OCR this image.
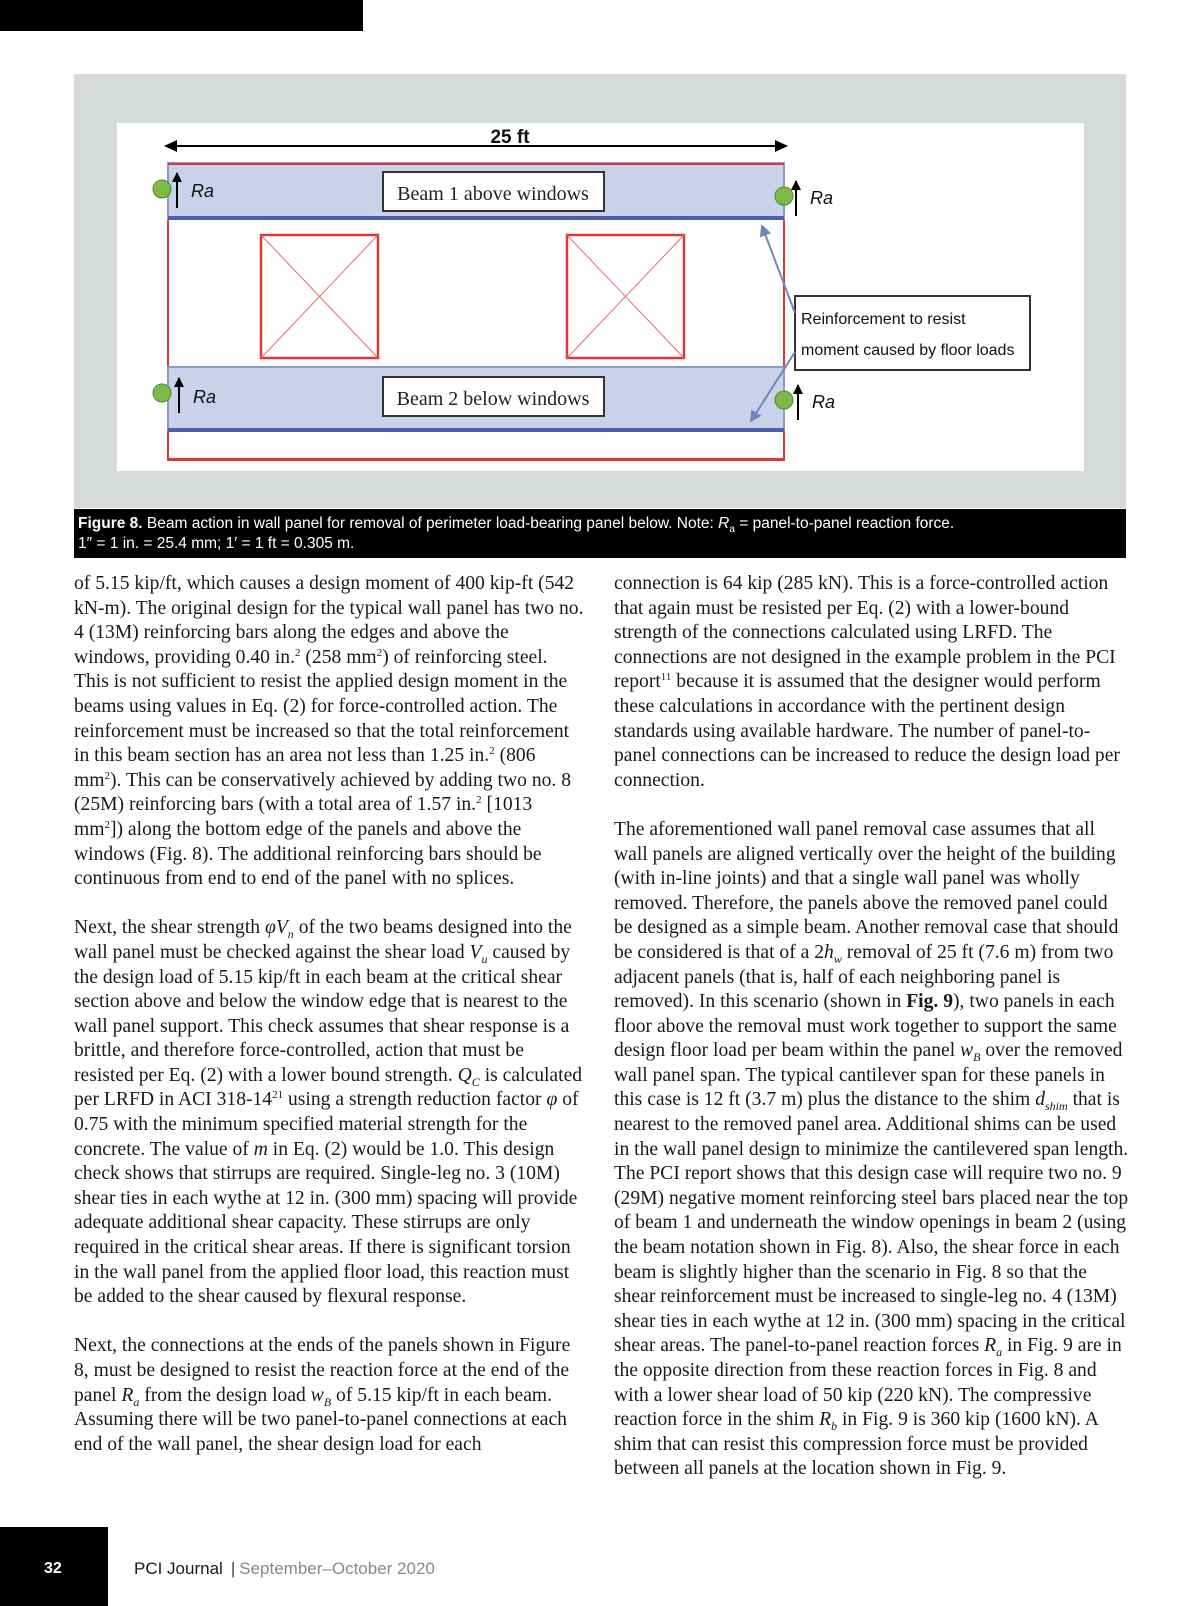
25 ft
Beam 1 above windows
Beam 2 below windows
Ra	Ra
Ra	Ra
Reinforcement to resist
moment caused by floor loads
Figure 8. Beam action in wall panel for removal of perimeter load-bearing panel below. Note: $R_a$ = panel-to-panel reaction force.
1″ = 1 in. = 25.4 mm; 1′ = 1 ft = 0.305 m.

of 5.15 kip/ft, which causes a design moment of 400 kip-ft (542 kN-m). The original design for the typical wall panel has two no. 4 (13M) reinforcing bars along the edges and above the windows, providing 0.40 in.$^2$ (258 $mm^2$) of reinforcing steel. This is not sufficient to resist the applied design moment in the beams using values in Eq. (2) for force-controlled action. The reinforcement must be increased so that the total reinforcement in this beam section has an area not less than 1.25 in.$^2$ (806 $mm^2$). This can be conservatively achieved by adding two no. 8 (25M) reinforcing bars (with a total area of 1.57 in.$^2$ [1013 $mm^2$]) along the bottom edge of the panels and above the windows (Fig. 8). The additional reinforcing bars should be continuous from end to end of the panel with no splices.

Next, the shear strength $\varphi V_n$ of the two beams designed into the wall panel must be checked against the shear load $V_u$ caused by the design load of 5.15 kip/ft in each beam at the critical shear section above and below the window edge that is nearest to the wall panel support. This check assumes that shear response is a brittle, and therefore force-controlled, action that must be resisted per Eq. (2) with a lower bound strength. $Q_C$ is calculated per LRFD in ACI $318-14^{21}$ using a strength reduction factor φ of 0.75 with the minimum specified material strength for the concrete. The value of m in Eq. (2) would be 1.0. This design check shows that stirrups are required. Single-leg no. 3 (10M) shear ties in each wythe at 12 in. (300 mm) spacing will provide adequate additional shear capacity. These stirrups are only required in the critical shear areas. If there is significant torsion in the wall panel from the applied floor load, this reaction must be added to the shear caused by flexural response.

Next, the connections at the ends of the panels shown in Figure 8, must be designed to resist the reaction force at the end of the panel $R_a$ from the design load $w_B$ of 5.15 kip/ft in each beam. Assuming there will be two panel-to-panel connections at each end of the wall panel, the shear design load for each

connection is 64 kip (285 kN). This is a force-controlled action that again must be resisted per Eq. (2) with a lower-bound strength of the connections calculated using LRFD. The connections are not designed in the example problem in the PCI report$^{11}$ because it is assumed that the designer would perform these calculations in accordance with the pertinent design standards using available hardware. The number of panel-to-panel connections can be increased to reduce the design load per connection.

The aforementioned wall panel removal case assumes that all wall panels are aligned vertically over the height of the building (with in-line joints) and that a single wall panel was wholly removed. Therefore, the panels above the removed panel could be designed as a simple beam. Another removal case that should be considered is that of a $2h_w$ removal of 25 ft (7.6 m) from two adjacent panels (that is, half of each neighboring panel is removed). In this scenario (shown in Fig. 9), two panels in each floor above the removal must work together to support the same design floor load per beam within the panel $w_B$ over the removed wall panel span. The typical cantilever span for these panels in this case is 12 ft (3.7 m) plus the distance to the shim $d_{shim}$ that is nearest to the removed panel area. Additional shims can be used in the wall panel design to minimize the cantilevered span length. The PCI report shows that this design case will require two no. 9 (29M) negative moment reinforcing steel bars placed near the top of beam 1 and underneath the window openings in beam 2 (using the beam notation shown in Fig. 8). Also, the shear force in each beam is slightly higher than the scenario in Fig. 8 so that the shear reinforcement must be increased to single-leg no. 4 (13M) shear ties in each wythe at 12 in. (300 mm) spacing in the critical shear areas. The panel-to-panel reaction forces $R_a$ in Fig. 9 are in the opposite direction from these reaction forces in Fig. 8 and with a lower shear load of 50 kip (220 kN). The compressive reaction force in the shim $R_b$ in Fig. 9 is 360 kip (1600 kN). A shim that can resist this compression force must be provided between all panels at the location shown in Fig. 9.

32	PCI Journal | September–October 2020
